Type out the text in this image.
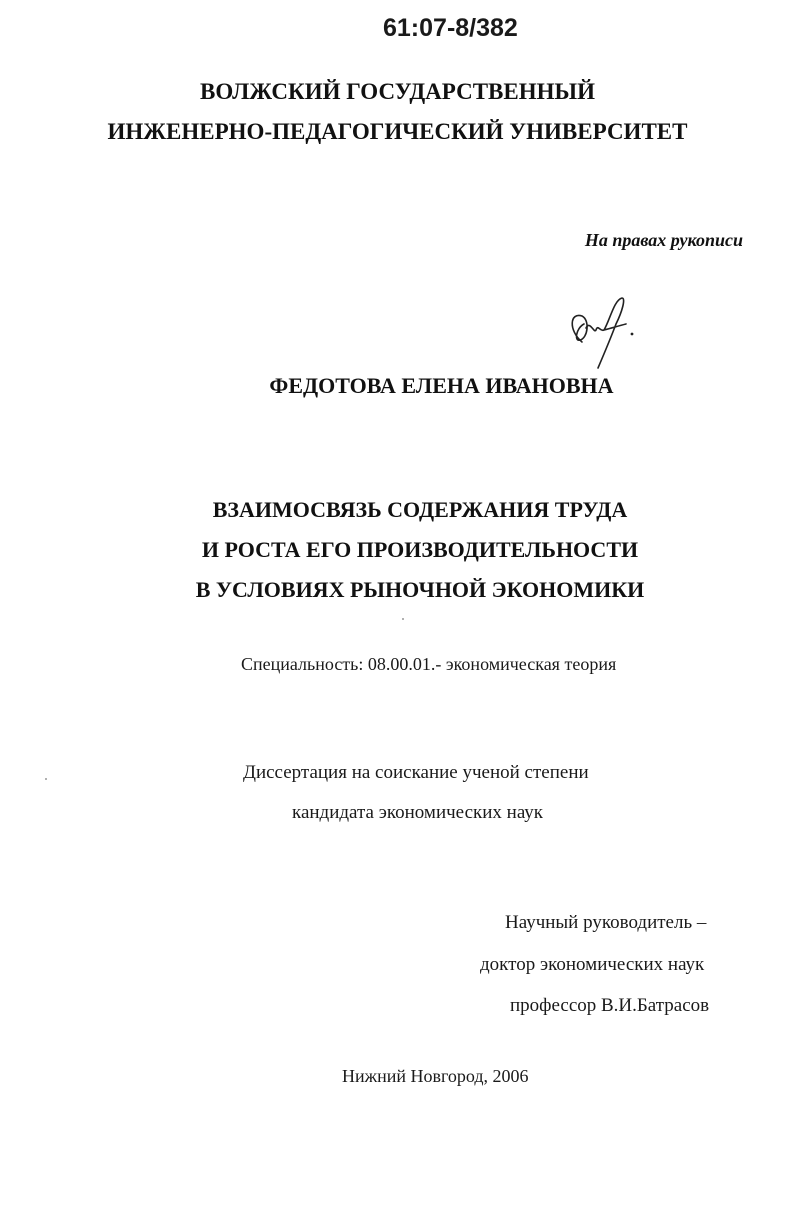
61:07-8/382
ВОЛЖСКИЙ ГОСУДАРСТВЕННЫЙ
ИНЖЕНЕРНО-ПЕДАГОГИЧЕСКИЙ УНИВЕРСИТЕТ
На правах рукописи
ФЕДОТОВА ЕЛЕНА ИВАНОВНА
ВЗАИМОСВЯЗЬ СОДЕРЖАНИЯ ТРУДА
И РОСТА ЕГО ПРОИЗВОДИТЕЛЬНОСТИ
В УСЛОВИЯХ РЫНОЧНОЙ ЭКОНОМИКИ
Специальность: 08.00.01.- экономическая теория
Диссертация на соискание ученой степени
кандидата экономических наук
Научный руководитель –
доктор экономических наук
профессор В.И.Батрасов
Нижний Новгород, 2006
